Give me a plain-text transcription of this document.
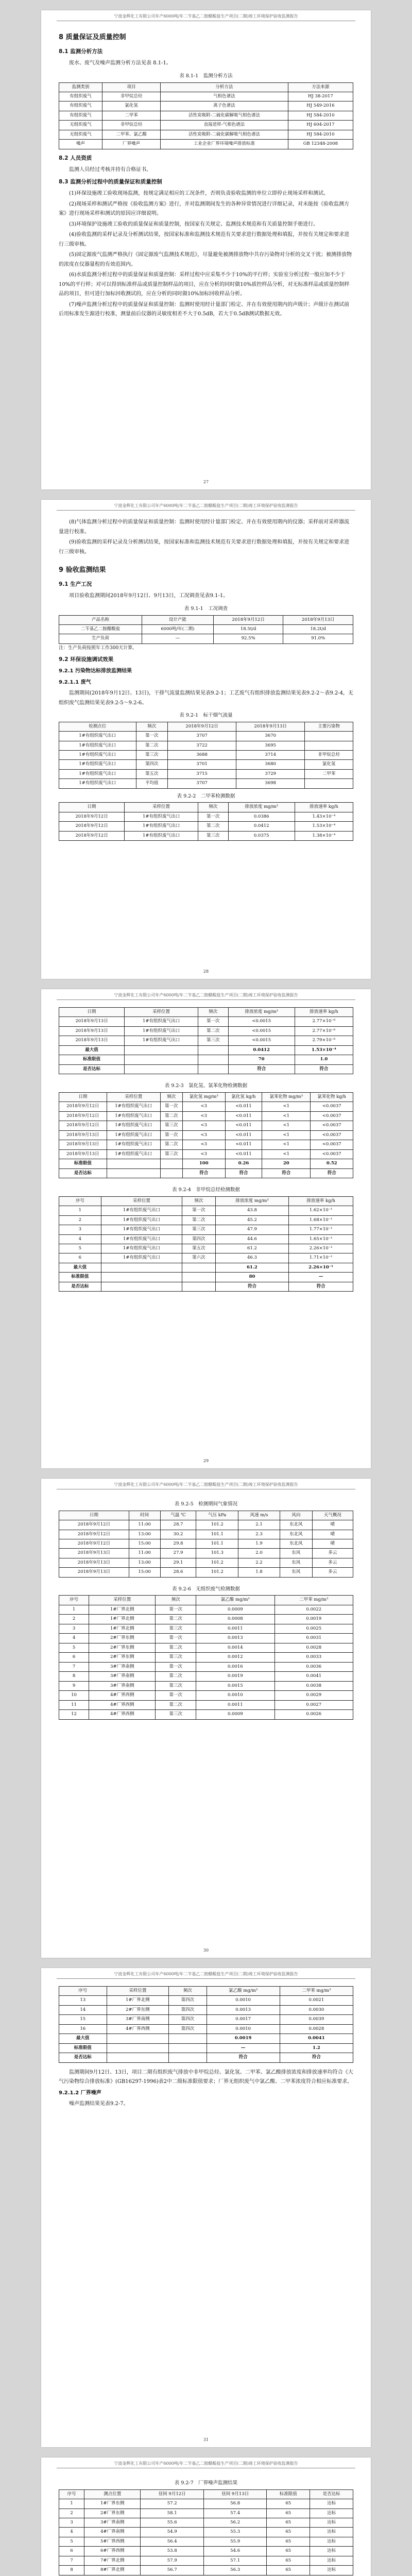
宁波金辉化工有限公司年产6000吨/年二苄基乙二胺醋酸盐生产项目(二期)竣工环境保护验收监测报告
8 质量保证及质量控制
8.1 监测分析方法
废水、废气及噪声监测分析方法见表 8.1-1。
表 8.1-1　监测分析方法
监测类别	项目	分析方法	方法来源
有组织废气	非甲烷总烃	气相色谱法	HJ 38-2017
有组织废气	氯化氢	离子色谱法	HJ 549-2016
有组织废气	二甲苯	活性炭吸附-二硫化碳解吸气相色谱法	HJ 584-2010
无组织废气	非甲烷总烃	直接进样-气相色谱法	HJ 604-2017
无组织废气	二甲苯、氯乙酸	活性炭吸附-二硫化碳解吸气相色谱法	HJ 584-2010
噪声	厂界噪声	工业企业厂界环境噪声排放标准	GB 12348-2008
8.2 人员资质
监测人员经过考核并持有合格证书。
8.3 监测分析过程中的质量保证和质量控制
(1)环保设施竣工验收现场监测，按规定满足相应的工况条件，否则负责验收监测的单位立即停止现场采样和测试。
(2)现场采样和测试严格按《验收监测方案》进行，并对监测期间发生的各种异常情况进行详细记录，对未能按《验收监测方案》进行现场采样和测试的原因应详细说明。
(3)环境保护设施竣工验收的质量保证和质量控制，按国家有关规定、监测技术规范和有关质量控制手册进行。
(4)验收监测的采样记录及分析测试结果，按国家标准和监测技术规范有关要求进行数据处理和填报，并按有关规定和要求进行三级审核。
(5)固定源废气监测严格执行《固定源废气监测技术规范》，尽量避免被测排放物中共存污染物对分析的交叉干扰；被测排放物的浓度在仪器量程的有效范围内。
(6)水质监测分析过程中的质量保证和质量控制：采样过程中应采集不少于10%的平行样；实验室分析过程一般应加不少于10%的平行样；对可以得到标准样品或质量控制样品的项目，应在分析的同时做10%质控样品分析，对无标准样品或质量控制样品的项目，但可进行加标回收测试的，应在分析的同时做10%加标回收样品分析。
(7)噪声监测分析过程中的质量保证和质量控制：监测时使用经计量部门检定、并在有效使用期内的声级计；声级计在测试前后用标准发生源进行校准，测量前后仪器的灵敏度相差不大于0.5dB，若大于0.5dB测试数据无效。
27
宁波金辉化工有限公司年产6000吨/年二苄基乙二胺醋酸盐生产项目(二期)竣工环境保护验收监测报告
(8)气体监测分析过程中的质量保证和质量控制：监测时使用经计量部门检定、并在有效使用期内的仪器；采样前对采样器流量进行校准。
(9)验收监测的采样记录及分析测试结果，按国家标准和监测技术规范有关要求进行数据处理和填报，并按有关规定和要求进行三级审核。
9 验收监测结果
9.1 生产工况
项目验收监测期间2018年9月12日、9月13日，工况调查见表9.1-1。
表 9.1-1　工况调查
产品名称	设计产能	2018年9月12日	2018年9月13日
二苄基乙二胺醋酸盐	6000吨/年(二期)	18.5t/d	18.2t/d
生产负荷	—	92.5%	91.0%
注：生产负荷按照年工作300天计算。
9.2 环保设施调试效果
9.2.1 污染物达标排放监测结果
9.2.1.1 废气
监测期间(2018年9月12日、13日)，干排气流量监测结果见表9.2-1；工艺废气有组织排放监测结果见表9.2-2～表9.2-4，无组织废气监测结果见表9.2-5～9.2-6。
表 9.2-1　标干烟气流量
检测点位	频次	2018年9月12日	2018年9月13日	主要污染物
1#有组织废气出口	第一次	3707	3670	
1#有组织废气出口	第二次	3722	3695	
1#有组织废气出口	第三次	3688	3714	非甲烷总烃
1#有组织废气出口	第四次	3701	3680	氯化氢
1#有组织废气出口	第五次	3715	3729	二甲苯
1#有组织废气出口	平均值	3707	3698	
表 9.2-2　二甲苯检测数据
日期	采样位置	频次	排放浓度 mg/m³	排放速率 kg/h
2018年9月12日	1#有组织废气出口	第一次	0.0386	1.43×10⁻⁴
2018年9月12日	1#有组织废气出口	第二次	0.0412	1.53×10⁻⁴
2018年9月12日	1#有组织废气出口	第三次	0.0375	1.38×10⁻⁴
28
宁波金辉化工有限公司年产6000吨/年二苄基乙二胺醋酸盐生产项目(二期)竣工环境保护验收监测报告
日期	采样位置	频次	排放浓度 mg/m³	排放速率 kg/h
2018年9月13日	1#有组织废气出口	第一次	<0.0015	2.77×10⁻⁶
2018年9月13日	1#有组织废气出口	第二次	<0.0015	2.77×10⁻⁶
2018年9月13日	1#有组织废气出口	第三次	<0.0015	2.79×10⁻⁶
最大值			0.0412	1.53×10⁻⁴
标准限值			70	1.0
是否达标			符合	符合
表 9.2-3　氯化氢、氯苯化物检测数据
日期	采样位置	频次	氯化氢 mg/m³	氯化氢 kg/h	氯苯化物 mg/m³	氯苯化物 kg/h
2018年9月12日	1#有组织废气出口	第一次	<3	<0.011	<1	<0.0037
2018年9月12日	1#有组织废气出口	第二次	<3	<0.011	<1	<0.0037
2018年9月12日	1#有组织废气出口	第三次	<3	<0.011	<1	<0.0037
2018年9月13日	1#有组织废气出口	第一次	<3	<0.011	<1	<0.0037
2018年9月13日	1#有组织废气出口	第二次	<3	<0.011	<1	<0.0037
2018年9月13日	1#有组织废气出口	第三次	<3	<0.011	<1	<0.0037
标准限值			100	0.26	20	0.52
是否达标			符合	符合	符合	符合
表 9.2-4　非甲烷总烃检测数据
序号	采样位置	频次	排放浓度 mg/m³	排放速率 kg/h
1	1#有组织废气出口	第一次	43.8	1.62×10⁻¹
2	1#有组织废气出口	第二次	45.2	1.68×10⁻¹
3	1#有组织废气出口	第三次	47.9	1.77×10⁻¹
4	1#有组织废气出口	第四次	44.6	1.65×10⁻¹
5	1#有组织废气出口	第五次	61.2	2.26×10⁻¹
6	1#有组织废气出口	第六次	46.3	1.71×10⁻¹
最大值			61.2	2.26×10⁻¹
标准限值			80	—
是否达标			符合	符合
29
宁波金辉化工有限公司年产6000吨/年二苄基乙二胺醋酸盐生产项目(二期)竣工环境保护验收监测报告
表 9.2-5　检测期间气象情况
日期	时间	气温 ℃	气压 kPa	风速 m/s	风向	天气概况
2018年9月12日	11:00	28.7	101.2	2.1	东北风	晴
2018年9月12日	13:00	30.2	101.1	2.3	东北风	晴
2018年9月12日	15:00	29.8	101.1	1.9	东北风	晴
2018年9月13日	11:00	27.9	101.3	2.0	东风	多云
2018年9月13日	13:00	29.1	101.2	2.2	东风	多云
2018年9月13日	15:00	28.6	101.2	1.8	东风	多云
表 9.2-6　无组织废气检测数据
序号	采样位置	频次	氯乙酸 mg/m³	二甲苯 mg/m³
1	1#厂界北侧	第一次	0.0009	0.0022
2	1#厂界北侧	第二次	0.0008	0.0019
3	1#厂界北侧	第三次	0.0011	0.0025
4	2#厂界东侧	第一次	0.0013	0.0031
5	2#厂界东侧	第二次	0.0014	0.0028
6	2#厂界东侧	第三次	0.0012	0.0033
7	3#厂界南侧	第一次	0.0016	0.0036
8	3#厂界南侧	第二次	0.0019	0.0041
9	3#厂界南侧	第三次	0.0015	0.0038
10	4#厂界西侧	第一次	0.0010	0.0029
11	4#厂界西侧	第二次	0.0011	0.0027
12	4#厂界西侧	第三次	0.0009	0.0026
30
宁波金辉化工有限公司年产6000吨/年二苄基乙二胺醋酸盐生产项目(二期)竣工环境保护验收监测报告
序号	采样位置	频次	氯乙酸 mg/m³	二甲苯 mg/m³
13	1#厂界北侧	第四次	0.0010	0.0021
14	2#厂界东侧	第四次	0.0013	0.0030
15	3#厂界南侧	第四次	0.0017	0.0039
16	4#厂界西侧	第四次	0.0010	0.0028
最大值			0.0019	0.0041
标准限值			—	1.2
是否达标			符合	符合
监测期间9月12日、13日，项目二期有组织废气排放中非甲烷总烃、氯化氢、二甲苯、氯乙酸排放浓度和排放速率均符合《大气污染物综合排放标准》(GB16297-1996)表2中二级标准限值要求；厂界无组织废气中氯乙酸、二甲苯浓度符合相应标准要求。
9.2.1.2 厂界噪声
噪声监测结果见表9.2-7。
31
宁波金辉化工有限公司年产6000吨/年二苄基乙二胺醋酸盐生产项目(二期)竣工环境保护验收监测报告
表 9.2-7　厂界噪声监测结果
序号	测点位置	昼间 9月12日	昼间 9月13日	标准限值	是否达标
1	1#厂界东侧	57.2	56.8	65	达标
2	2#厂界东侧	58.1	57.4	65	达标
3	3#厂界南侧	55.6	56.2	65	达标
4	4#厂界南侧	54.9	55.3	65	达标
5	5#厂界西侧	56.4	55.9	65	达标
6	6#厂界西侧	53.8	54.6	65	达标
7	7#厂界北侧	57.9	57.1	65	达标
8	8#厂界北侧	56.7	56.3	65	达标
